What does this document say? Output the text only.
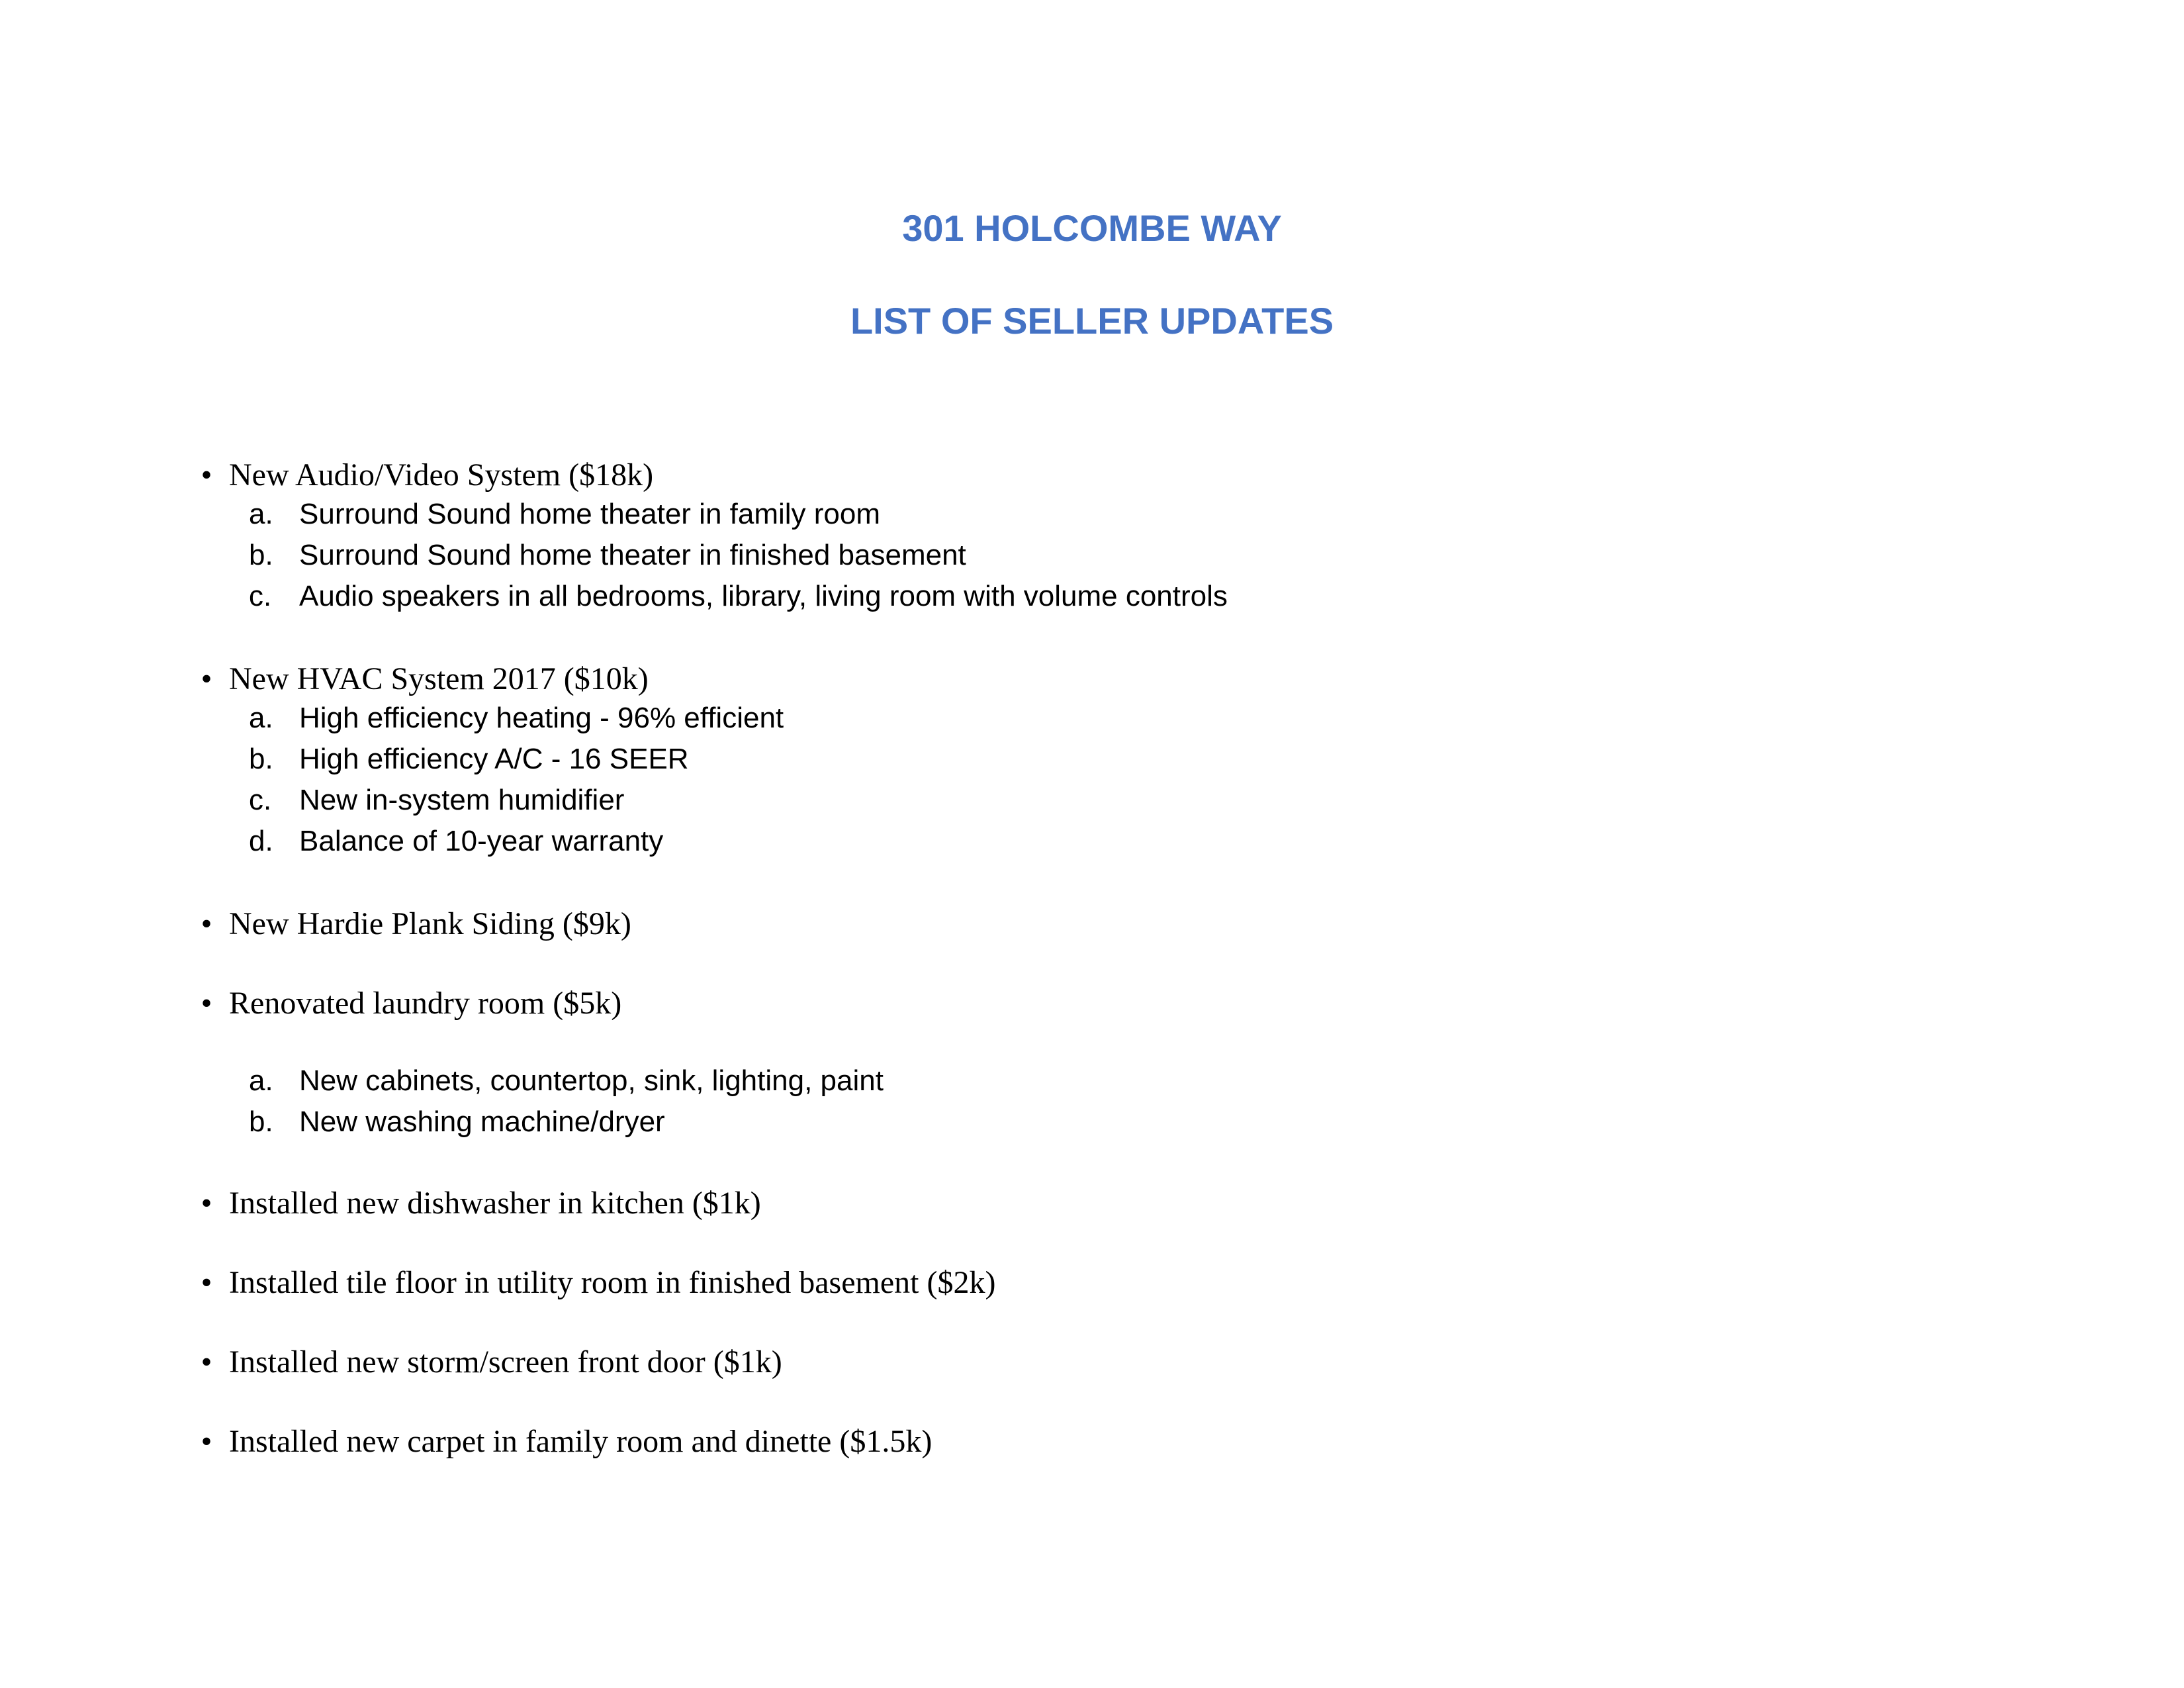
301 HOLCOMBE WAY
LIST OF SELLER UPDATES
• New Audio/Video System ($18k)
a. Surround Sound home theater in family room
b. Surround Sound home theater in finished basement
c. Audio speakers in all bedrooms, library, living room with volume controls
• New HVAC System 2017 ($10k)
a. High efficiency heating - 96% efficient
b. High efficiency A/C - 16 SEER
c. New in-system humidifier
d. Balance of 10-year warranty
• New Hardie Plank Siding ($9k)
• Renovated laundry room ($5k)
a. New cabinets, countertop, sink, lighting, paint
b. New washing machine/dryer
• Installed new dishwasher in kitchen ($1k)
• Installed tile floor in utility room in finished basement ($2k)
• Installed new storm/screen front door ($1k)
• Installed new carpet in family room and dinette ($1.5k)
